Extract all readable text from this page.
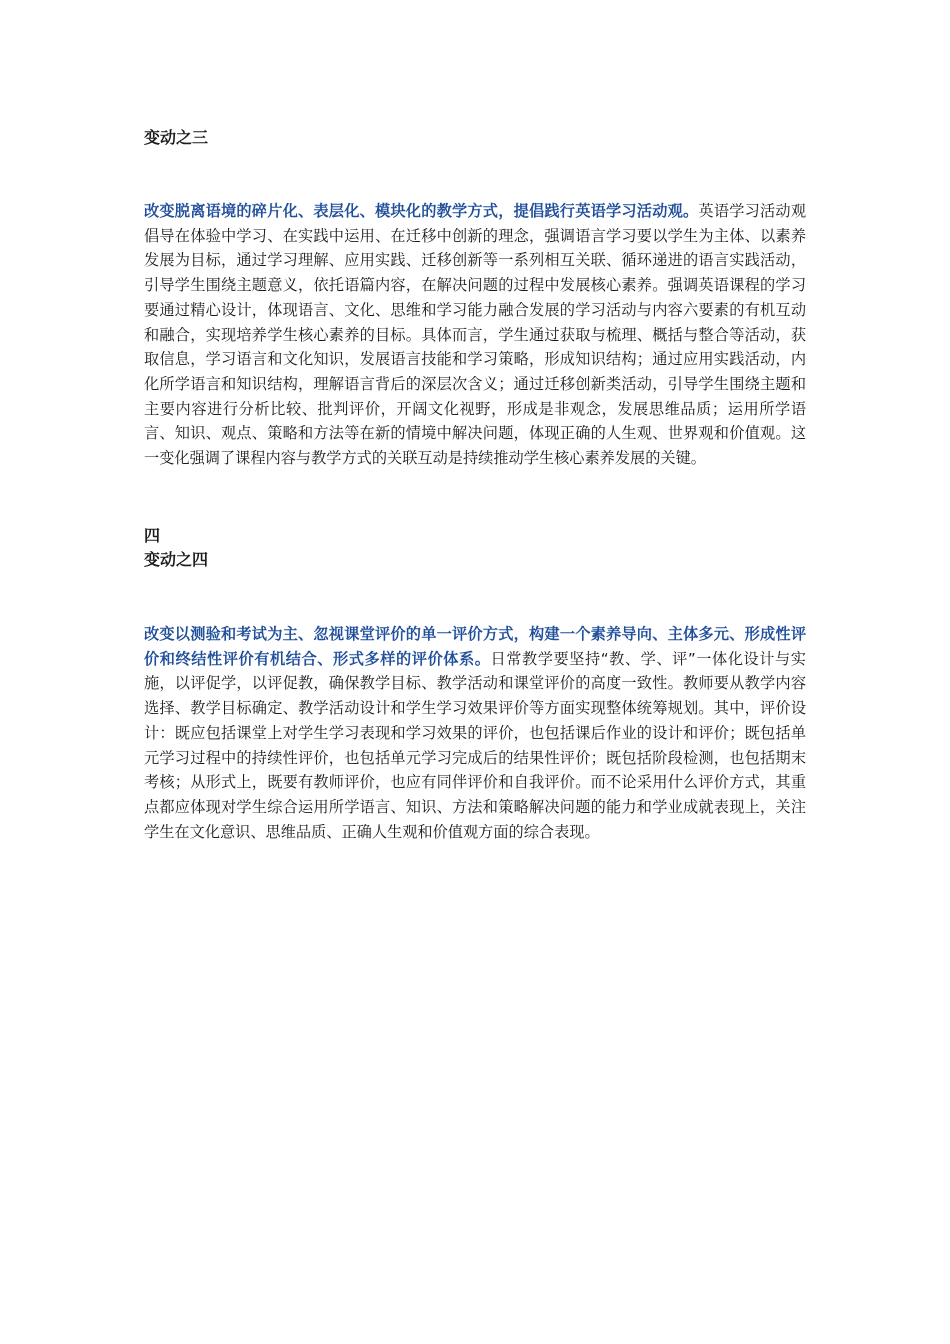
变动之三

改变脱离语境的碎片化、表层化、模块化的教学方式，提倡践行英语学习活动观。英语学习活动观倡导在体验中学习、在实践中运用、在迁移中创新的理念，强调语言学习要以学生为主体、以素养发展为目标，通过学习理解、应用实践、迁移创新等一系列相互关联、循环递进的语言实践活动，引导学生围绕主题意义，依托语篇内容，在解决问题的过程中发展核心素养。强调英语课程的学习要通过精心设计，体现语言、文化、思维和学习能力融合发展的学习活动与内容六要素的有机互动和融合，实现培养学生核心素养的目标。具体而言，学生通过获取与梳理、概括与整合等活动，获取信息，学习语言和文化知识，发展语言技能和学习策略，形成知识结构；通过应用实践活动，内化所学语言和知识结构，理解语言背后的深层次含义；通过迁移创新类活动，引导学生围绕主题和主要内容进行分析比较、批判评价，开阔文化视野，形成是非观念，发展思维品质；运用所学语言、知识、观点、策略和方法等在新的情境中解决问题，体现正确的人生观、世界观和价值观。这一变化强调了课程内容与教学方式的关联互动是持续推动学生核心素养发展的关键。

四

变动之四

改变以测验和考试为主、忽视课堂评价的单一评价方式，构建一个素养导向、主体多元、形成性评价和终结性评价有机结合、形式多样的评价体系。日常教学要坚持“教、学、评”一体化设计与实施，以评促学，以评促教，确保教学目标、教学活动和课堂评价的高度一致性。教师要从教学内容选择、教学目标确定、教学活动设计和学生学习效果评价等方面实现整体统筹规划。其中，评价设计：既应包括课堂上对学生学习表现和学习效果的评价，也包括课后作业的设计和评价；既包括单元学习过程中的持续性评价，也包括单元学习完成后的结果性评价；既包括阶段检测，也包括期末考核；从形式上，既要有教师评价，也应有同伴评价和自我评价。而不论采用什么评价方式，其重点都应体现对学生综合运用所学语言、知识、方法和策略解决问题的能力和学业成就表现上，关注学生在文化意识、思维品质、正确人生观和价值观方面的综合表现。
